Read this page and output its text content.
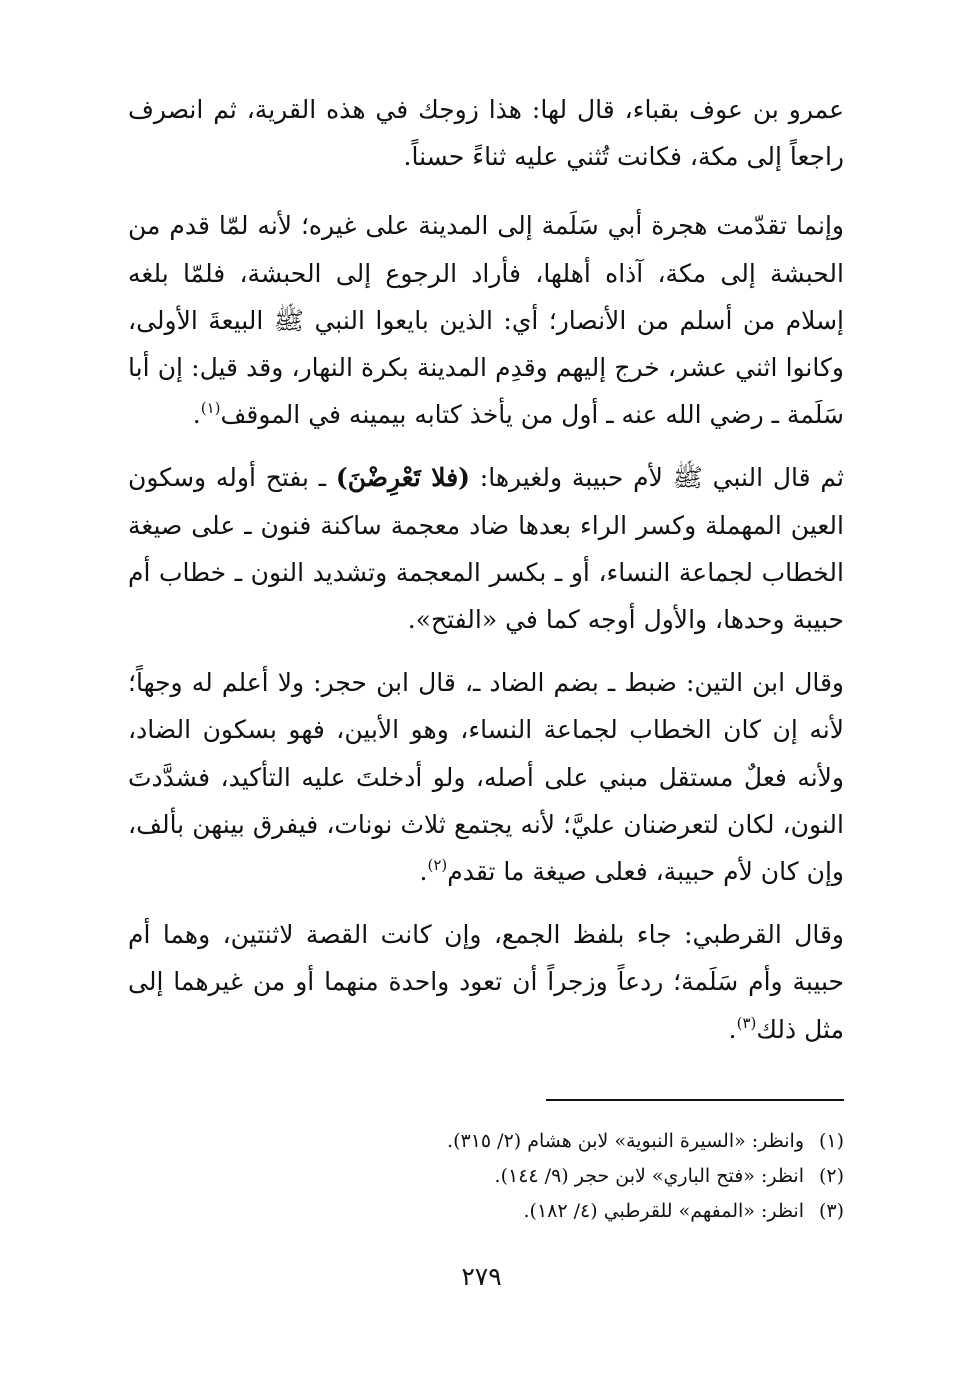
عمرو بن عوف بقباء، قال لها: هذا زوجك في هذه القرية، ثم انصرف راجعاً إلى مكة، فكانت تُثني عليه ثناءً حسناً.

وإنما تقدّمت هجرة أبي سَلَمة إلى المدينة على غيره؛ لأنه لمّا قدم من الحبشة إلى مكة، آذاه أهلها، فأراد الرجوع إلى الحبشة، فلمّا بلغه إسلام من أسلم من الأنصار؛ أي: الذين بايعوا النبي ﷺ البيعةَ الأولى، وكانوا اثني عشر، خرج إليهم وقدِم المدينة بكرة النهار، وقد قيل: إن أبا سَلَمة ـ رضي الله عنه ـ أول من يأخذ كتابه بيمينه في الموقف$^{(١)}$.

ثم قال النبي ﷺ لأم حبيبة ولغيرها: (فلا تَعْرِضْنَ) ـ بفتح أوله وسكون العين المهملة وكسر الراء بعدها ضاد معجمة ساكنة فنون ـ على صيغة الخطاب لجماعة النساء، أو ـ بكسر المعجمة وتشديد النون ـ خطاب أم حبيبة وحدها، والأول أوجه كما في «الفتح».

وقال ابن التين: ضبط ـ بضم الضاد ـ، قال ابن حجر: ولا أعلم له وجهاً؛ لأنه إن كان الخطاب لجماعة النساء، وهو الأبين، فهو بسكون الضاد، ولأنه فعلٌ مستقل مبني على أصله، ولو أدخلتَ عليه التأكيد، فشدَّدتَ النون، لكان لتعرضنان عليَّ؛ لأنه يجتمع ثلاث نونات، فيفرق بينهن بألف، وإن كان لأم حبيبة، فعلى صيغة ما تقدم$^{(٢)}$.

وقال القرطبي: جاء بلفظ الجمع، وإن كانت القصة لاثنتين، وهما أم حبيبة وأم سَلَمة؛ ردعاً وزجراً أن تعود واحدة منهما أو من غيرهما إلى مثل ذلك$^{(٣)}$.

(١)وانظر: «السيرة النبوية» لابن هشام (٢/ ٣١٥).

(٢)انظر: «فتح الباري» لابن حجر (٩/ ١٤٤).

(٣)انظر: «المفهم» للقرطبي (٤/ ١٨٢).

٢٧٩
